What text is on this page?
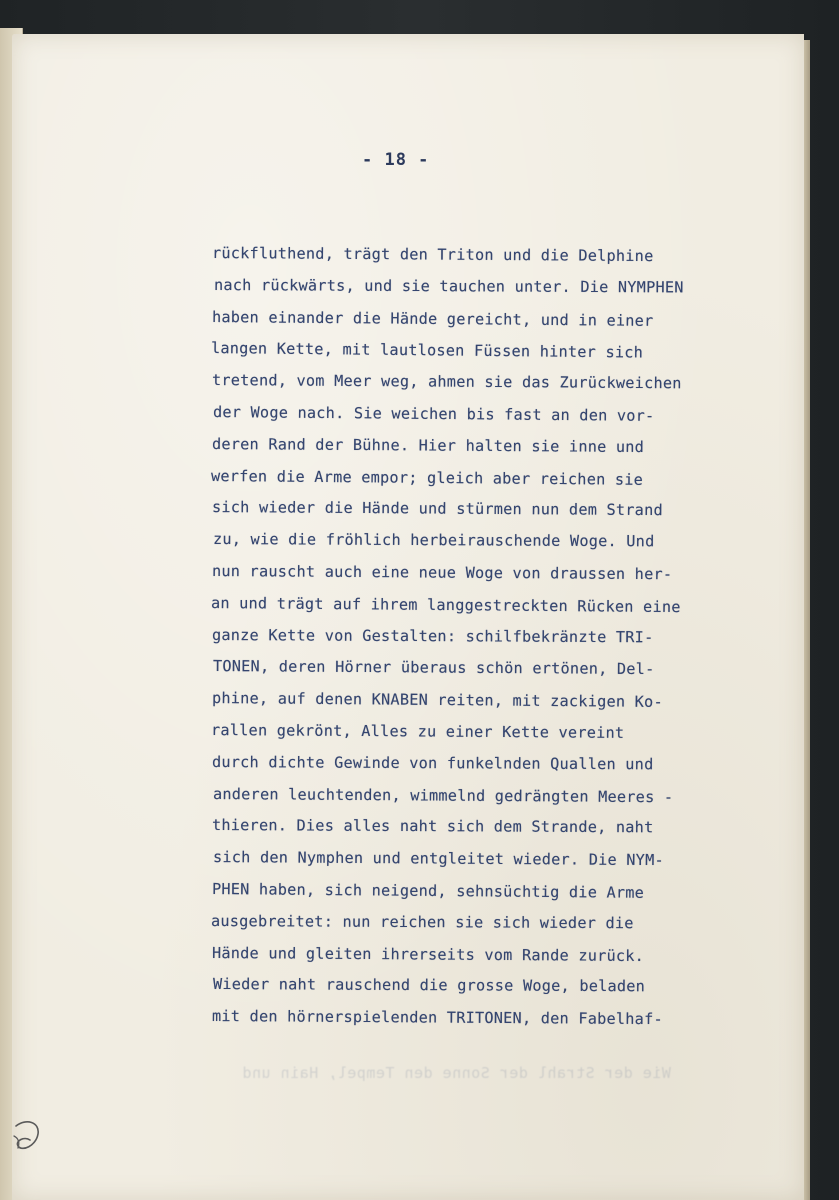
- 18 -

rückfluthend, trägt den Triton und die Delphine
nach rückwärts, und sie tauchen unter. Die NYMPHEN
haben einander die Hände gereicht, und in einer
langen Kette, mit lautlosen Füssen hinter sich
tretend, vom Meer weg, ahmen sie das Zurückweichen
der Woge nach. Sie weichen bis fast an den vor-
deren Rand der Bühne. Hier halten sie inne und
werfen die Arme empor; gleich aber reichen sie
sich wieder die Hände und stürmen nun dem Strand
zu, wie die fröhlich herbeirauschende Woge. Und
nun rauscht auch eine neue Woge von draussen her-
an und trägt auf ihrem langgestreckten Rücken eine
ganze Kette von Gestalten: schilfbekränzte TRI-
TONEN, deren Hörner überaus schön ertönen, Del-
phine, auf denen KNABEN reiten, mit zackigen Ko-
rallen gekrönt, Alles zu einer Kette vereint
durch dichte Gewinde von funkelnden Quallen und
anderen leuchtenden, wimmelnd gedrängten Meeres -
thieren. Dies alles naht sich dem Strande, naht
sich den Nymphen und entgleitet wieder. Die NYM-
PHEN haben, sich neigend, sehnsüchtig die Arme
ausgebreitet: nun reichen sie sich wieder die
Hände und gleiten ihrerseits vom Rande zurück.
Wieder naht rauschend die grosse Woge, beladen
mit den hörnerspielenden TRITONEN, den Fabelhaf-

Wie der Strahl der Sonne den Tempel, Hain und
